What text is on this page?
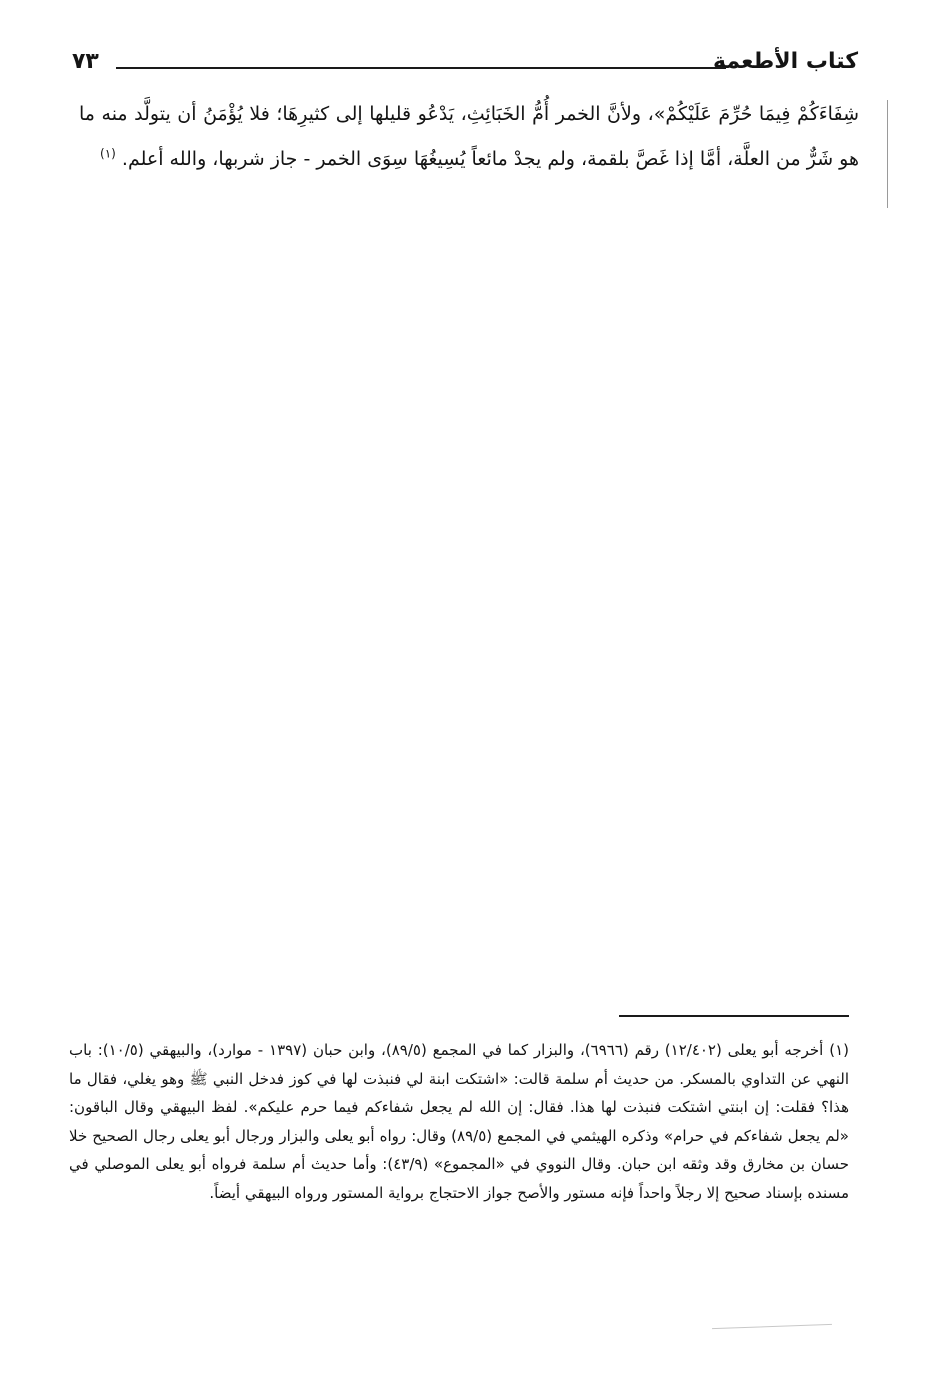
كتاب الأطعمة
٧٣

شِفَاءَكُمْ فِيمَا حُرِّمَ عَلَيْكُمْ»، ولأنَّ الخمر أُمُّ الخَبَائِثِ، يَدْعُو قليلها إلى كثيرِهَا؛ فلا يُؤْمَنُ أن يتولَّد منه ما هو شَرٌّ من العلَّة، أمَّا إذا غَصَّ بلقمة، ولم يجدْ مائعاً يُسِيغُهَا سِوَى الخمر - جاز شربها، والله أعلم. $^{(١)}$

(١) أخرجه أبو يعلى (١٢/٤٠٢) رقم (٦٩٦٦)، والبزار كما في المجمع (٨٩/٥)، وابن حبان (١٣٩٧ - موارد)، والبيهقي (١٠/٥): باب النهي عن التداوي بالمسكر. من حديث أم سلمة قالت: «اشتكت ابنة لي فنبذت لها في كوز فدخل النبي ﷺ وهو يغلي، فقال ما هذا؟ فقلت: إن ابنتي اشتكت فنبذت لها هذا. فقال: إن الله لم يجعل شفاءكم فيما حرم عليكم». لفظ البيهقي وقال الباقون: «لم يجعل شفاءكم في حرام» وذكره الهيثمي في المجمع (٨٩/٥) وقال: رواه أبو يعلى والبزار ورجال أبو يعلى رجال الصحيح خلا حسان بن مخارق وقد وثقه ابن حبان. وقال النووي في «المجموع» (٤٣/٩): وأما حديث أم سلمة فرواه أبو يعلى الموصلي في مسنده بإسناد صحيح إلا رجلاً واحداً فإنه مستور والأصح جواز الاحتجاج برواية المستور ورواه البيهقي أيضاً.
